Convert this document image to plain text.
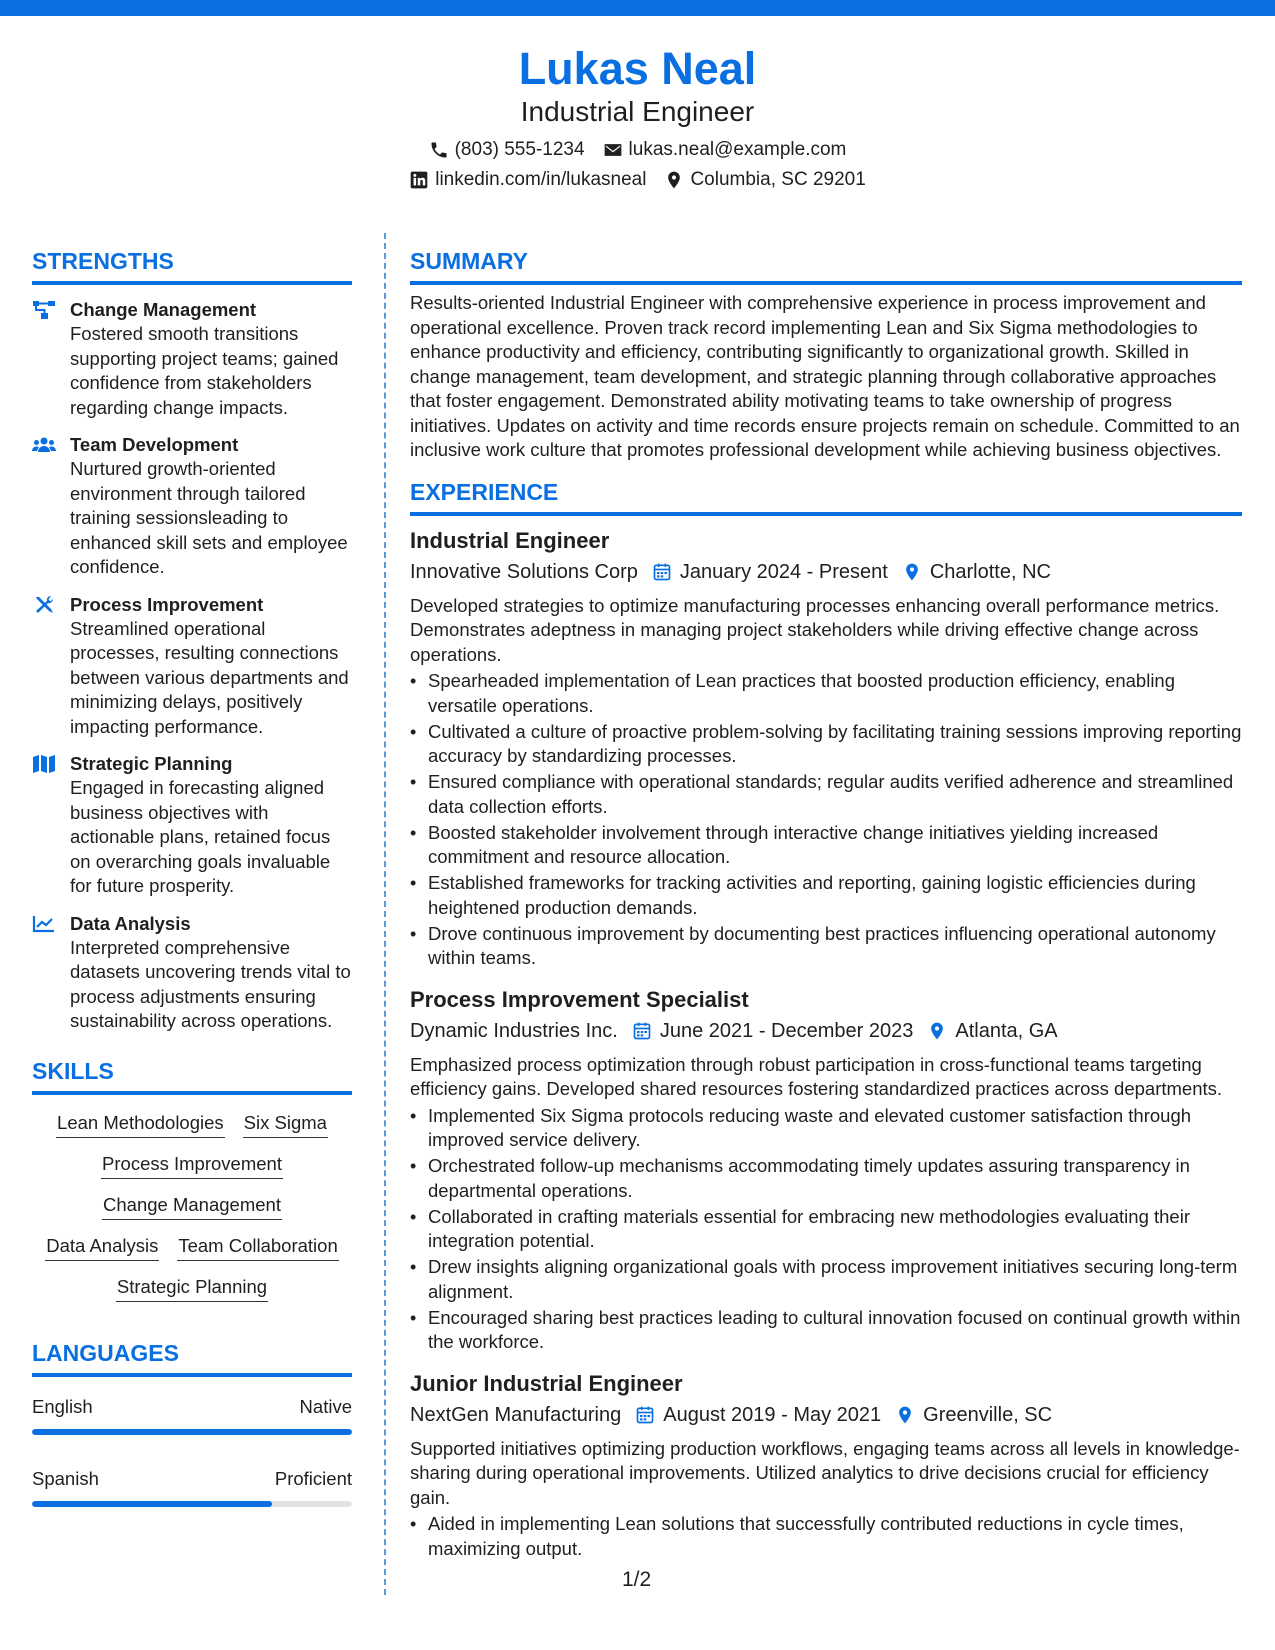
Lukas Neal
Industrial Engineer
(803) 555-1234 lukas.neal@example.com
linkedin.com/in/lukasneal Columbia, SC 29201
STRENGTHS
Change Management
Fostered smooth transitions supporting project teams; gained confidence from stakeholders regarding change impacts.
Team Development
Nurtured growth-oriented environment through tailored training sessionsleading to enhanced skill sets and employee confidence.
Process Improvement
Streamlined operational processes, resulting connections between various departments and minimizing delays, positively impacting performance.
Strategic Planning
Engaged in forecasting aligned business objectives with actionable plans, retained focus on overarching goals invaluable for future prosperity.
Data Analysis
Interpreted comprehensive datasets uncovering trends vital to process adjustments ensuring sustainability across operations.
SKILLS
Lean Methodologies Six Sigma
Process Improvement
Change Management
Data Analysis Team Collaboration
Strategic Planning
LANGUAGES
English	Native
Spanish	Proficient
SUMMARY
Results-oriented Industrial Engineer with comprehensive experience in process improvement and operational excellence. Proven track record implementing Lean and Six Sigma methodologies to enhance productivity and efficiency, contributing significantly to organizational growth. Skilled in change management, team development, and strategic planning through collaborative approaches that foster engagement. Demonstrated ability motivating teams to take ownership of progress initiatives. Updates on activity and time records ensure projects remain on schedule. Committed to an inclusive work culture that promotes professional development while achieving business objectives.
EXPERIENCE
Industrial Engineer
Innovative Solutions Corp January 2024 - Present Charlotte, NC
Developed strategies to optimize manufacturing processes enhancing overall performance metrics. Demonstrates adeptness in managing project stakeholders while driving effective change across operations.
• Spearheaded implementation of Lean practices that boosted production efficiency, enabling versatile operations.
• Cultivated a culture of proactive problem-solving by facilitating training sessions improving reporting accuracy by standardizing processes.
• Ensured compliance with operational standards; regular audits verified adherence and streamlined data collection efforts.
• Boosted stakeholder involvement through interactive change initiatives yielding increased commitment and resource allocation.
• Established frameworks for tracking activities and reporting, gaining logistic efficiencies during heightened production demands.
• Drove continuous improvement by documenting best practices influencing operational autonomy within teams.
Process Improvement Specialist
Dynamic Industries Inc. June 2021 - December 2023 Atlanta, GA
Emphasized process optimization through robust participation in cross-functional teams targeting efficiency gains. Developed shared resources fostering standardized practices across departments.
• Implemented Six Sigma protocols reducing waste and elevated customer satisfaction through improved service delivery.
• Orchestrated follow-up mechanisms accommodating timely updates assuring transparency in departmental operations.
• Collaborated in crafting materials essential for embracing new methodologies evaluating their integration potential.
• Drew insights aligning organizational goals with process improvement initiatives securing long-term alignment.
• Encouraged sharing best practices leading to cultural innovation focused on continual growth within the workforce.
Junior Industrial Engineer
NextGen Manufacturing August 2019 - May 2021 Greenville, SC
Supported initiatives optimizing production workflows, engaging teams across all levels in knowledge-sharing during operational improvements. Utilized analytics to drive decisions crucial for efficiency gain.
• Aided in implementing Lean solutions that successfully contributed reductions in cycle times, maximizing output.
1/2
